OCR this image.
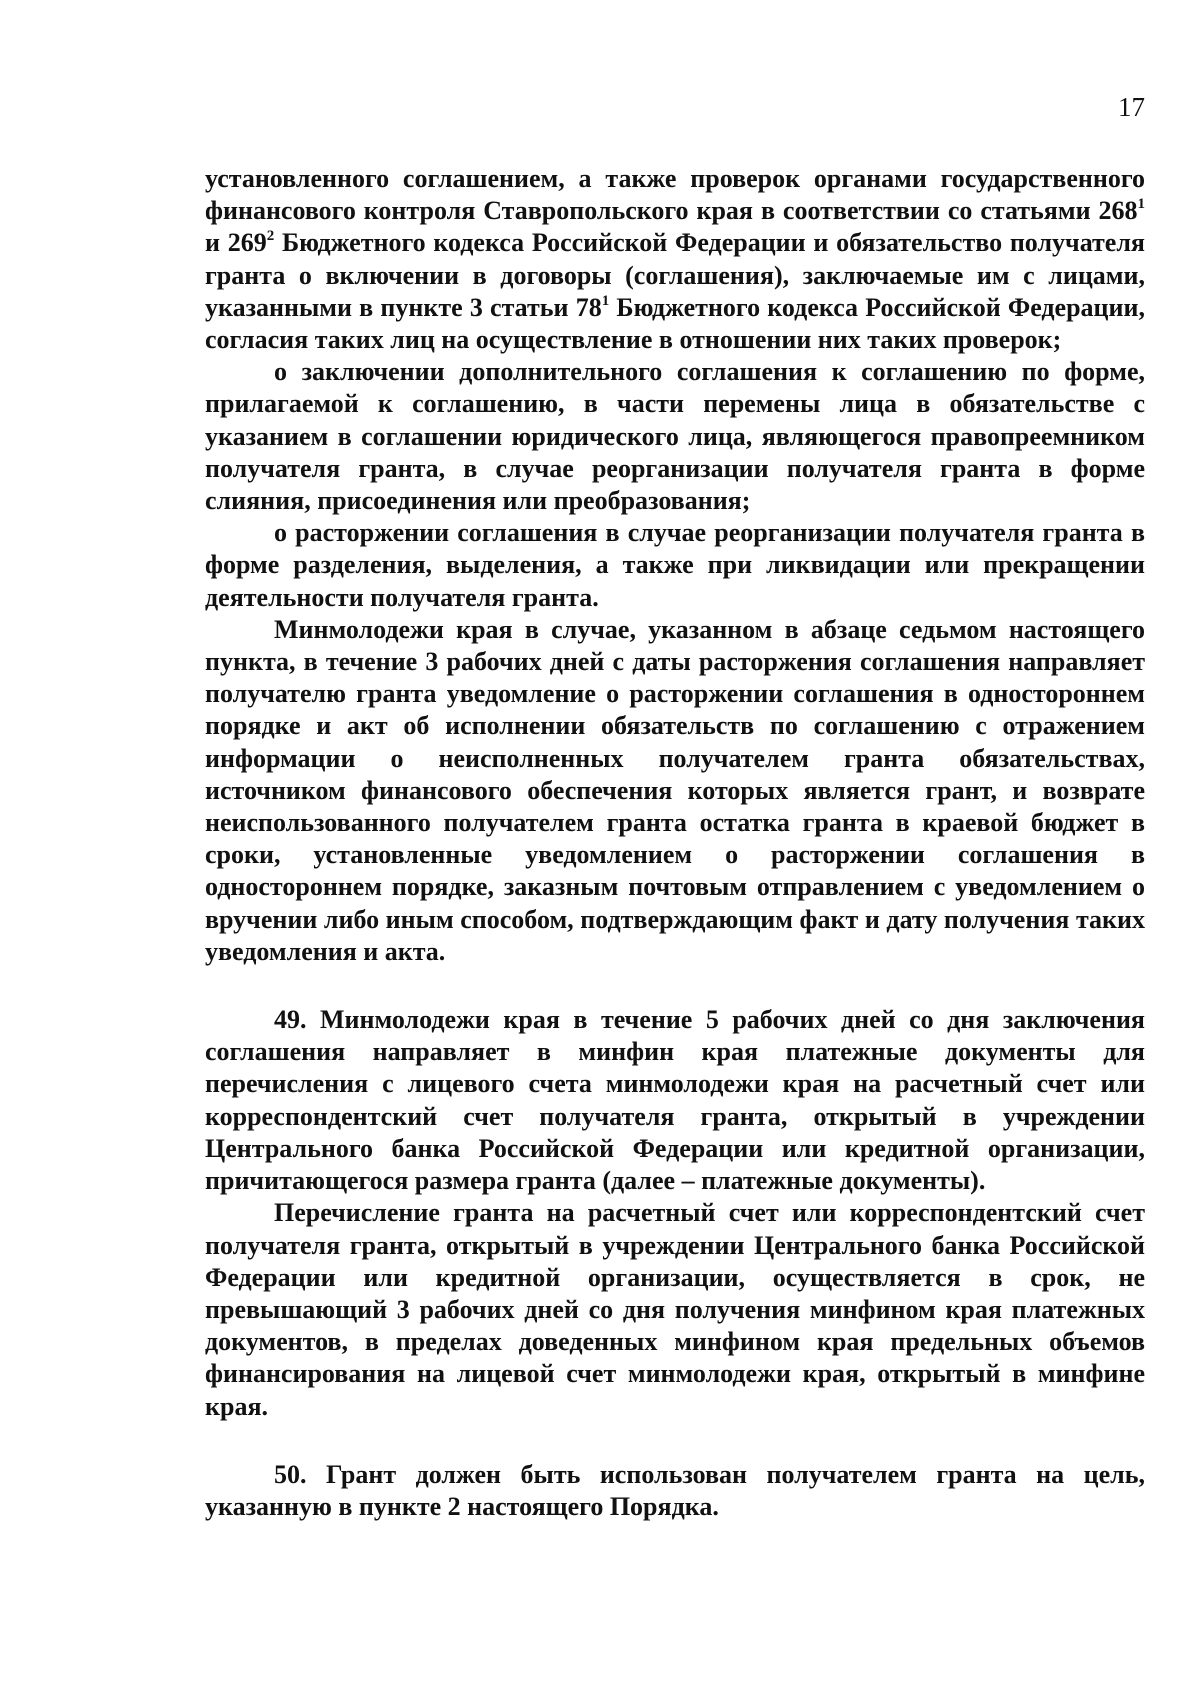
17

установленного соглашением, а также проверок органами государственного финансового контроля Ставропольского края в соответствии со статьями $268^1$ и $269^2$ Бюджетного кодекса Российской Федерации и обязательство получателя гранта о включении в договоры (соглашения), заключаемые им с лицами, указанными в пункте 3 статьи $78^1$ Бюджетного кодекса Российской Федерации, согласия таких лиц на осуществление в отношении них таких проверок;

о заключении дополнительного соглашения к соглашению по форме, прилагаемой к соглашению, в части перемены лица в обязательстве с указанием в соглашении юридического лица, являющегося правопреемником получателя гранта, в случае реорганизации получателя гранта в форме слияния, присоединения или преобразования;

о расторжении соглашения в случае реорганизации получателя гранта в форме разделения, выделения, а также при ликвидации или прекращении деятельности получателя гранта.

Минмолодежи края в случае, указанном в абзаце седьмом настоящего пункта, в течение 3 рабочих дней с даты расторжения соглашения направляет получателю гранта уведомление о расторжении соглашения в одностороннем порядке и акт об исполнении обязательств по соглашению с отражением информации о неисполненных получателем гранта обязательствах, источником финансового обеспечения которых является грант, и возврате неиспользованного получателем гранта остатка гранта в краевой бюджет в сроки, установленные уведомлением о расторжении соглашения в одностороннем порядке, заказным почтовым отправлением с уведомлением о вручении либо иным способом, подтверждающим факт и дату получения таких уведомления и акта.

49. Минмолодежи края в течение 5 рабочих дней со дня заключения соглашения направляет в минфин края платежные документы для перечисления с лицевого счета минмолодежи края на расчетный счет или корреспондентский счет получателя гранта, открытый в учреждении Центрального банка Российской Федерации или кредитной организации, причитающегося размера гранта (далее – платежные документы).

Перечисление гранта на расчетный счет или корреспондентский счет получателя гранта, открытый в учреждении Центрального банка Российской Федерации или кредитной организации, осуществляется в срок, не превышающий 3 рабочих дней со дня получения минфином края платежных документов, в пределах доведенных минфином края предельных объемов финансирования на лицевой счет минмолодежи края, открытый в минфине края.

50. Грант должен быть использован получателем гранта на цель, указанную в пункте 2 настоящего Порядка.
